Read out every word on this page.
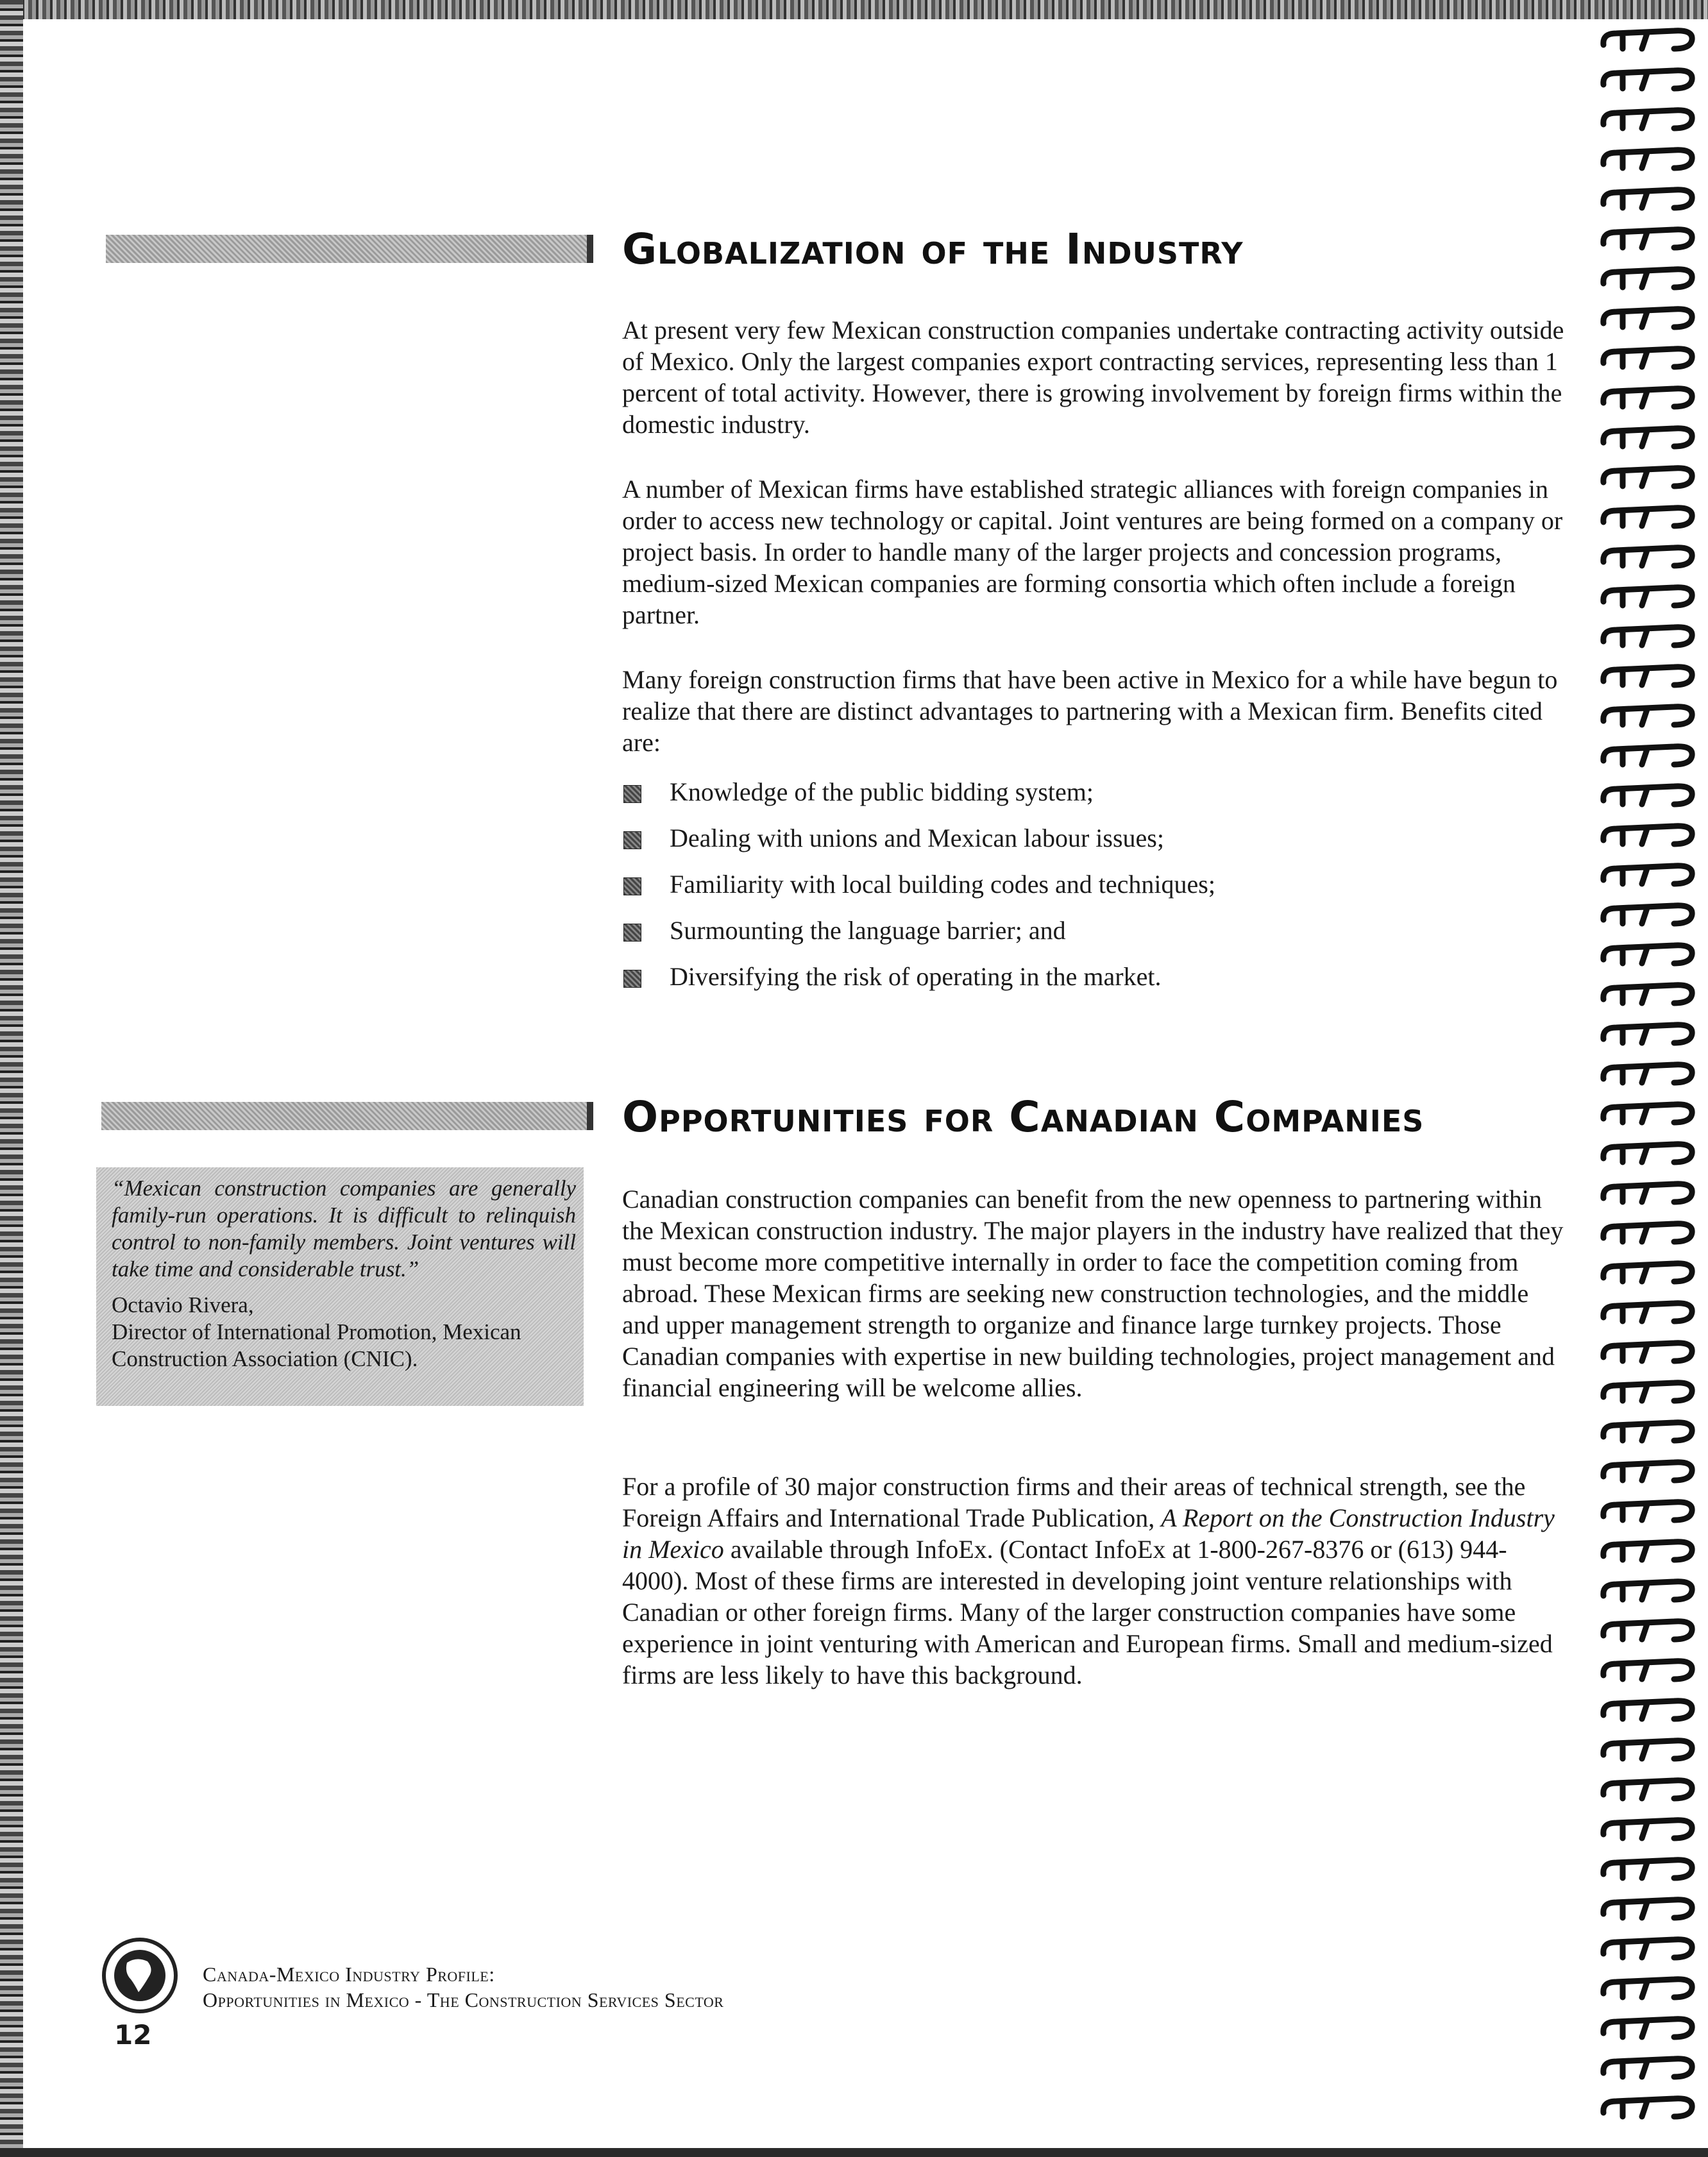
Globalization of the Industry

At present very few Mexican construction companies undertake contracting activity outside of Mexico. Only the largest companies export contracting services, representing less than 1 percent of total activity. However, there is growing involvement by foreign firms within the domestic industry.

A number of Mexican firms have established strategic alliances with foreign companies in order to access new technology or capital. Joint ventures are being formed on a company or project basis. In order to handle many of the larger projects and concession programs, medium-sized Mexican companies are forming consortia which often include a foreign partner.

Many foreign construction firms that have been active in Mexico for a while have begun to realize that there are distinct advantages to partnering with a Mexican firm. Benefits cited are:

Knowledge of the public bidding system;
Dealing with unions and Mexican labour issues;
Familiarity with local building codes and techniques;
Surmounting the language barrier; and
Diversifying the risk of operating in the market.
Opportunities for Canadian Companies

“Mexican construction companies are generally family-run operations. It is difficult to relinquish control to non-family members. Joint ventures will take time and considerable trust.”

Octavio Rivera,

Director of International Promotion, Mexican Construction Association (CNIC).

Canadian construction companies can benefit from the new openness to partnering within the Mexican construction industry. The major players in the industry have realized that they must become more competitive internally in order to face the competition coming from abroad. These Mexican firms are seeking new construction technologies, and the middle and upper management strength to organize and finance large turnkey projects. Those Canadian companies with expertise in new building technologies, project management and financial engineering will be welcome allies.

For a profile of 30 major construction firms and their areas of technical strength, see the Foreign Affairs and International Trade Publication, A Report on the Construction Industry in Mexico available through InfoEx. (Contact InfoEx at 1-800-267-8376 or (613) 944-4000). Most of these firms are interested in developing joint venture relationships with Canadian or other foreign firms. Many of the larger construction companies have some experience in joint venturing with American and European firms. Small and medium-sized firms are less likely to have this background.

Canada-Mexico Industry Profile:
Opportunities in Mexico - The Construction Services Sector

12
